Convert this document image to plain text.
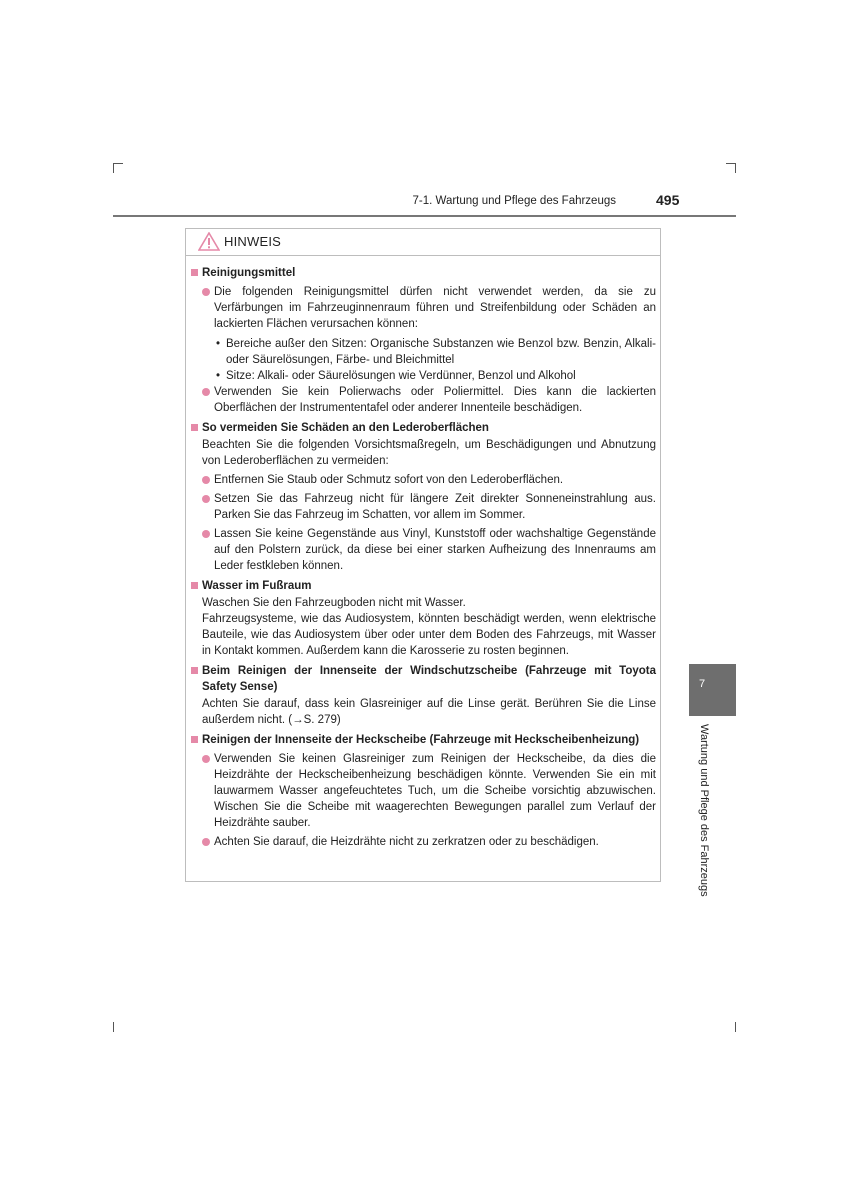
7-1. Wartung und Pflege des Fahrzeugs	495
7
Wartung und Pflege des Fahrzeugs
HINWEIS
Reinigungsmittel
Die folgenden Reinigungsmittel dürfen nicht verwendet werden, da sie zu Verfärbungen im Fahrzeuginnenraum führen und Streifenbildung oder Schäden an lackierten Flächen verursachen können:
• Bereiche außer den Sitzen: Organische Substanzen wie Benzol bzw. Benzin, Alkali- oder Säurelösungen, Färbe- und Bleichmittel
• Sitze: Alkali- oder Säurelösungen wie Verdünner, Benzol und Alkohol
Verwenden Sie kein Polierwachs oder Poliermittel. Dies kann die lackierten Oberflächen der Instrumententafel oder anderer Innenteile beschädigen.
So vermeiden Sie Schäden an den Lederoberflächen
Beachten Sie die folgenden Vorsichtsmaßregeln, um Beschädigungen und Abnutzung von Lederoberflächen zu vermeiden:
Entfernen Sie Staub oder Schmutz sofort von den Lederoberflächen.
Setzen Sie das Fahrzeug nicht für längere Zeit direkter Sonneneinstrahlung aus. Parken Sie das Fahrzeug im Schatten, vor allem im Sommer.
Lassen Sie keine Gegenstände aus Vinyl, Kunststoff oder wachshaltige Gegenstände auf den Polstern zurück, da diese bei einer starken Aufheizung des Innenraums am Leder festkleben können.
Wasser im Fußraum
Waschen Sie den Fahrzeugboden nicht mit Wasser.
Fahrzeugsysteme, wie das Audiosystem, könnten beschädigt werden, wenn elektrische Bauteile, wie das Audiosystem über oder unter dem Boden des Fahrzeugs, mit Wasser in Kontakt kommen. Außerdem kann die Karosserie zu rosten beginnen.
Beim Reinigen der Innenseite der Windschutzscheibe (Fahrzeuge mit Toyota Safety Sense)
Achten Sie darauf, dass kein Glasreiniger auf die Linse gerät. Berühren Sie die Linse außerdem nicht. (→S. 279)
Reinigen der Innenseite der Heckscheibe (Fahrzeuge mit Heckscheibenheizung)
Verwenden Sie keinen Glasreiniger zum Reinigen der Heckscheibe, da dies die Heizdrähte der Heckscheibenheizung beschädigen könnte. Verwenden Sie ein mit lauwarmem Wasser angefeuchtetes Tuch, um die Scheibe vorsichtig abzuwischen. Wischen Sie die Scheibe mit waagerechten Bewegungen parallel zum Verlauf der Heizdrähte sauber.
Achten Sie darauf, die Heizdrähte nicht zu zerkratzen oder zu beschädigen.
